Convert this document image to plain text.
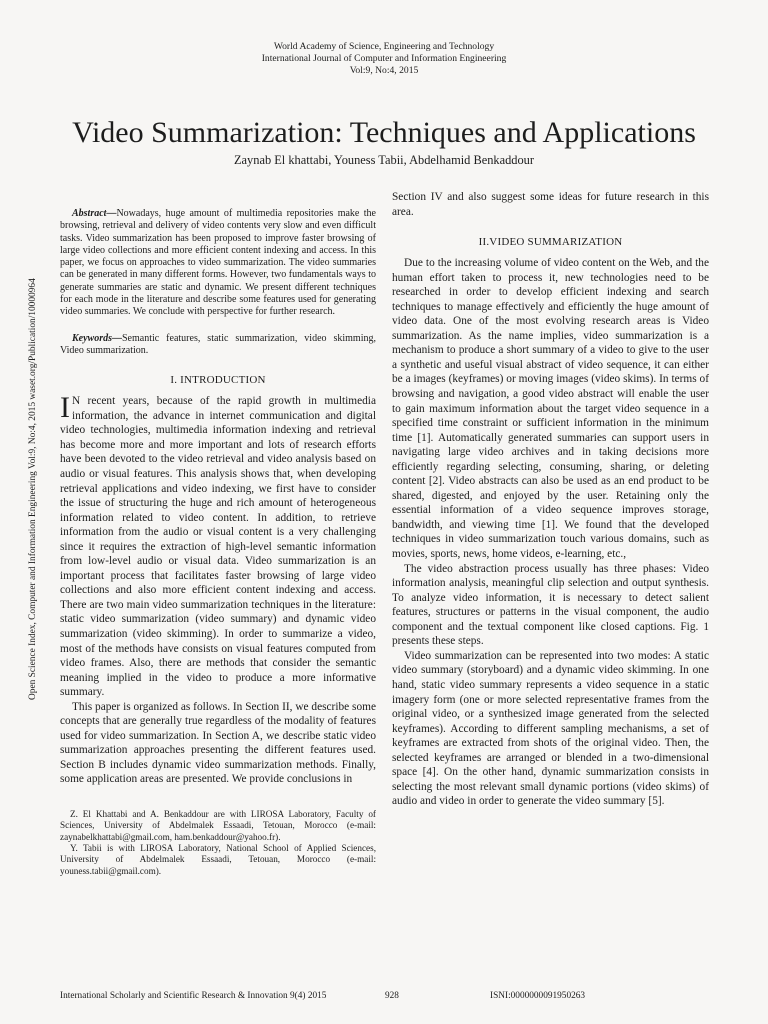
World Academy of Science, Engineering and Technology
International Journal of Computer and Information Engineering
Vol:9, No:4, 2015
Video Summarization: Techniques and Applications
Zaynab El khattabi, Youness Tabii, Abdelhamid Benkaddour
Open Science Index, Computer and Information Engineering Vol:9, No:4, 2015 waset.org/Publication/10000964

Abstract—Nowadays, huge amount of multimedia repositories make the browsing, retrieval and delivery of video contents very slow and even difficult tasks. Video summarization has been proposed to improve faster browsing of large video collections and more efficient content indexing and access. In this paper, we focus on approaches to video summarization. The video summaries can be generated in many different forms. However, two fundamentals ways to generate summaries are static and dynamic. We present different techniques for each mode in the literature and describe some features used for generating video summaries. We conclude with perspective for further research.

Keywords—Semantic features, static summarization, video skimming, Video summarization.

I. INTRODUCTION

I N recent years, because of the rapid growth in multimedia information, the advance in internet communication and digital video technologies, multimedia information indexing and retrieval has become more and more important and lots of research efforts have been devoted to the video retrieval and video analysis based on audio or visual features. This analysis shows that, when developing retrieval applications and video indexing, we first have to consider the issue of structuring the huge and rich amount of heterogeneous information related to video content. In addition, to retrieve information from the audio or visual content is a very challenging since it requires the extraction of high-level semantic information from low-level audio or visual data. Video summarization is an important process that facilitates faster browsing of large video collections and also more efficient content indexing and access. There are two main video summarization techniques in the literature: static video summarization (video summary) and dynamic video summarization (video skimming). In order to summarize a video, most of the methods have consists on visual features computed from video frames. Also, there are methods that consider the semantic meaning implied in the video to produce a more informative summary.

This paper is organized as follows. In Section II, we describe some concepts that are generally true regardless of the modality of features used for video summarization. In Section A, we describe static video summarization approaches presenting the different features used. Section B includes dynamic video summarization methods. Finally, some application areas are presented. We provide conclusions in

Z. El Khattabi and A. Benkaddour are with LIROSA Laboratory, Faculty of Sciences, University of Abdelmalek Essaadi, Tetouan, Morocco (e-mail: zaynabelkhattabi@gmail.com, ham.benkaddour@yahoo.fr).

Y. Tabii is with LIROSA Laboratory, National School of Applied Sciences, University of Abdelmalek Essaadi, Tetouan, Morocco (e-mail: youness.tabii@gmail.com).

Section IV and also suggest some ideas for future research in this area.

II.VIDEO SUMMARIZATION

Due to the increasing volume of video content on the Web, and the human effort taken to process it, new technologies need to be researched in order to develop efficient indexing and search techniques to manage effectively and efficiently the huge amount of video data. One of the most evolving research areas is Video summarization. As the name implies, video summarization is a mechanism to produce a short summary of a video to give to the user a synthetic and useful visual abstract of video sequence, it can either be a images (keyframes) or moving images (video skims). In terms of browsing and navigation, a good video abstract will enable the user to gain maximum information about the target video sequence in a specified time constraint or sufficient information in the minimum time [1]. Automatically generated summaries can support users in navigating large video archives and in taking decisions more efficiently regarding selecting, consuming, sharing, or deleting content [2]. Video abstracts can also be used as an end product to be shared, digested, and enjoyed by the user. Retaining only the essential information of a video sequence improves storage, bandwidth, and viewing time [1]. We found that the developed techniques in video summarization touch various domains, such as movies, sports, news, home videos, e-learning, etc.,

The video abstraction process usually has three phases: Video information analysis, meaningful clip selection and output synthesis. To analyze video information, it is necessary to detect salient features, structures or patterns in the visual component, the audio component and the textual component like closed captions. Fig. 1 presents these steps.

Video summarization can be represented into two modes: A static video summary (storyboard) and a dynamic video skimming. In one hand, static video summary represents a video sequence in a static imagery form (one or more selected representative frames from the original video, or a synthesized image generated from the selected keyframes). According to different sampling mechanisms, a set of keyframes are extracted from shots of the original video. Then, the selected keyframes are arranged or blended in a two-dimensional space [4]. On the other hand, dynamic summarization consists in selecting the most relevant small dynamic portions (video skims) of audio and video in order to generate the video summary [5].

International Scholarly and Scientific Research & Innovation 9(4) 2015	928	ISNI:0000000091950263
